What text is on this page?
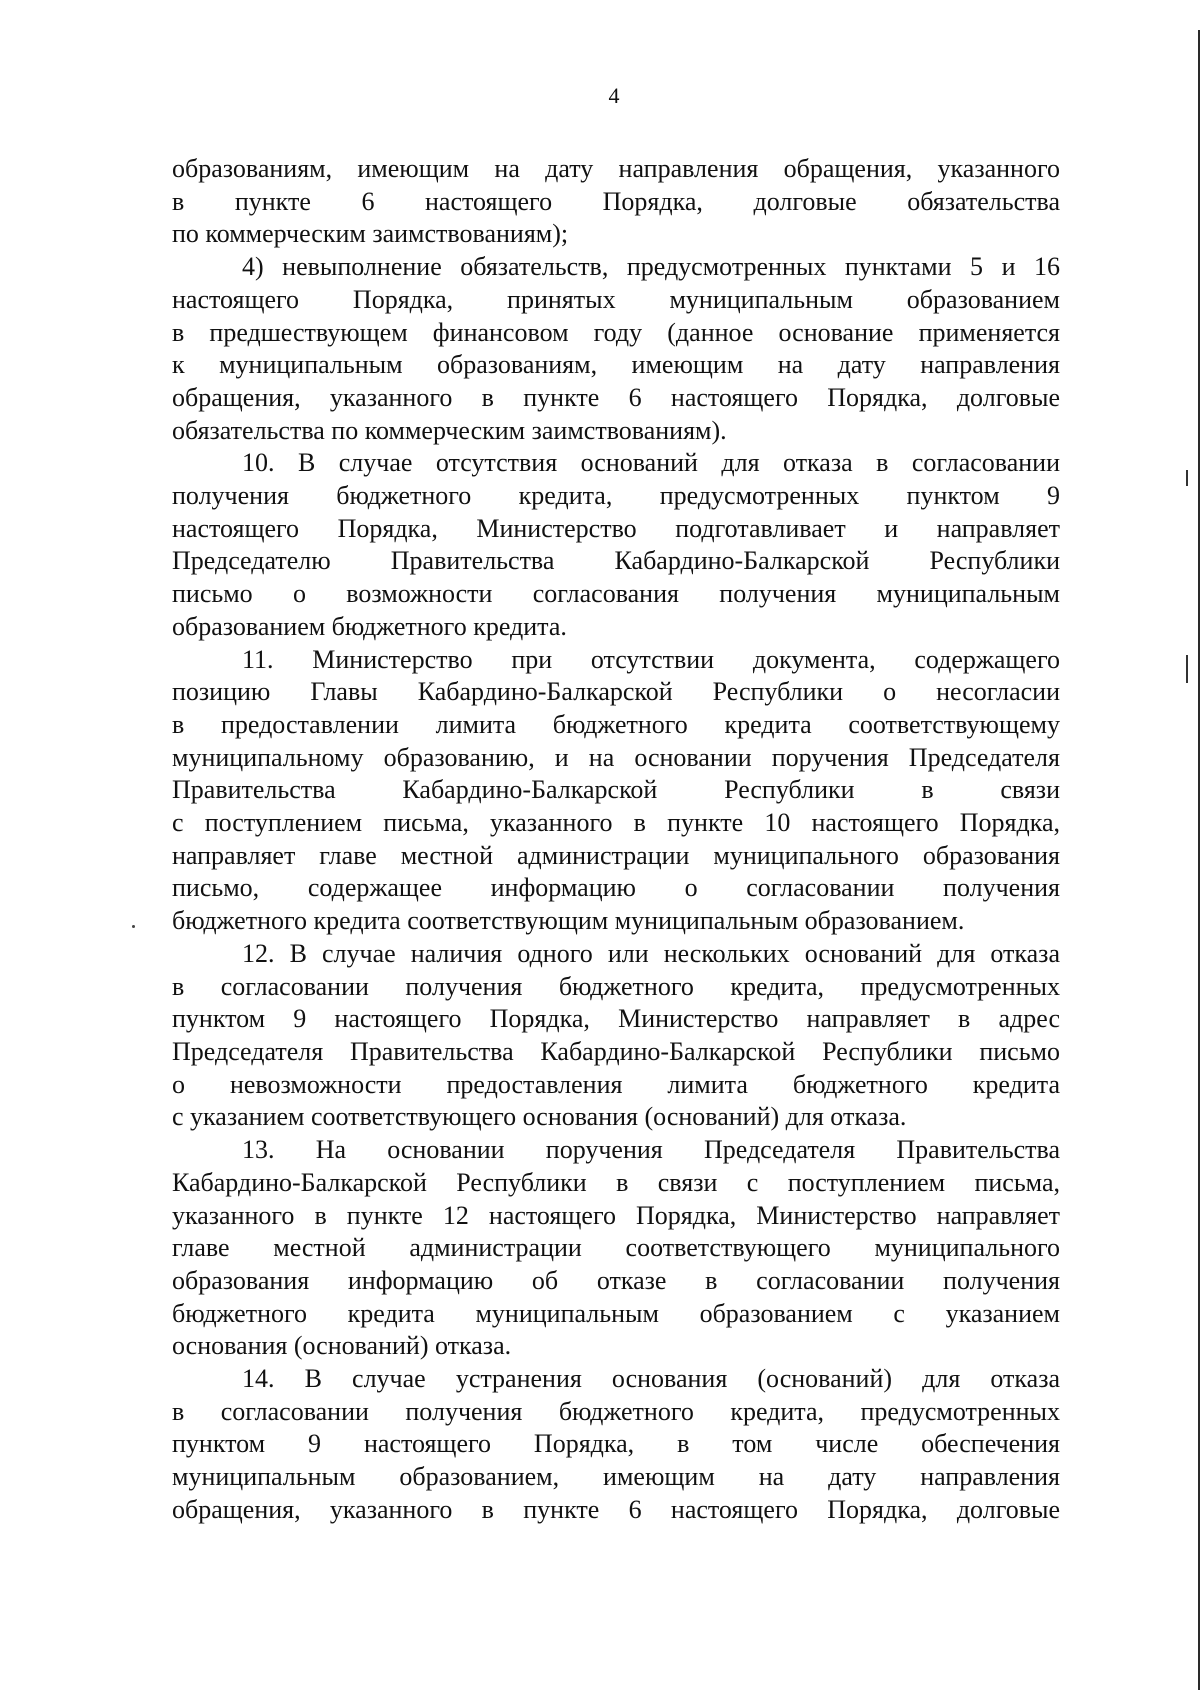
4
образованиям, имеющим на дату направления обращения, указанного
в пункте 6 настоящего Порядка, долговые обязательства
по коммерческим заимствованиям);
4) невыполнение обязательств, предусмотренных пунктами 5 и 16
настоящего Порядка, принятых муниципальным образованием
в предшествующем финансовом году (данное основание применяется
к муниципальным образованиям, имеющим на дату направления
обращения, указанного в пункте 6 настоящего Порядка, долговые
обязательства по коммерческим заимствованиям).
10. В случае отсутствия оснований для отказа в согласовании
получения бюджетного кредита, предусмотренных пунктом 9
настоящего Порядка, Министерство подготавливает и направляет
Председателю Правительства Кабардино-Балкарской Республики
письмо о возможности согласования получения муниципальным
образованием бюджетного кредита.
11. Министерство при отсутствии документа, содержащего
позицию Главы Кабардино-Балкарской Республики о несогласии
в предоставлении лимита бюджетного кредита соответствующему
муниципальному образованию, и на основании поручения Председателя
Правительства Кабардино-Балкарской Республики в связи
с поступлением письма, указанного в пункте 10 настоящего Порядка,
направляет главе местной администрации муниципального образования
письмо, содержащее информацию о согласовании получения
бюджетного кредита соответствующим муниципальным образованием.
12. В случае наличия одного или нескольких оснований для отказа
в согласовании получения бюджетного кредита, предусмотренных
пунктом 9 настоящего Порядка, Министерство направляет в адрес
Председателя Правительства Кабардино-Балкарской Республики письмо
о невозможности предоставления лимита бюджетного кредита
с указанием соответствующего основания (оснований) для отказа.
13. На основании поручения Председателя Правительства
Кабардино-Балкарской Республики в связи с поступлением письма,
указанного в пункте 12 настоящего Порядка, Министерство направляет
главе местной администрации соответствующего муниципального
образования информацию об отказе в согласовании получения
бюджетного кредита муниципальным образованием с указанием
основания (оснований) отказа.
14. В случае устранения основания (оснований) для отказа
в согласовании получения бюджетного кредита, предусмотренных
пунктом 9 настоящего Порядка, в том числе обеспечения
муниципальным образованием, имеющим на дату направления
обращения, указанного в пункте 6 настоящего Порядка, долговые
